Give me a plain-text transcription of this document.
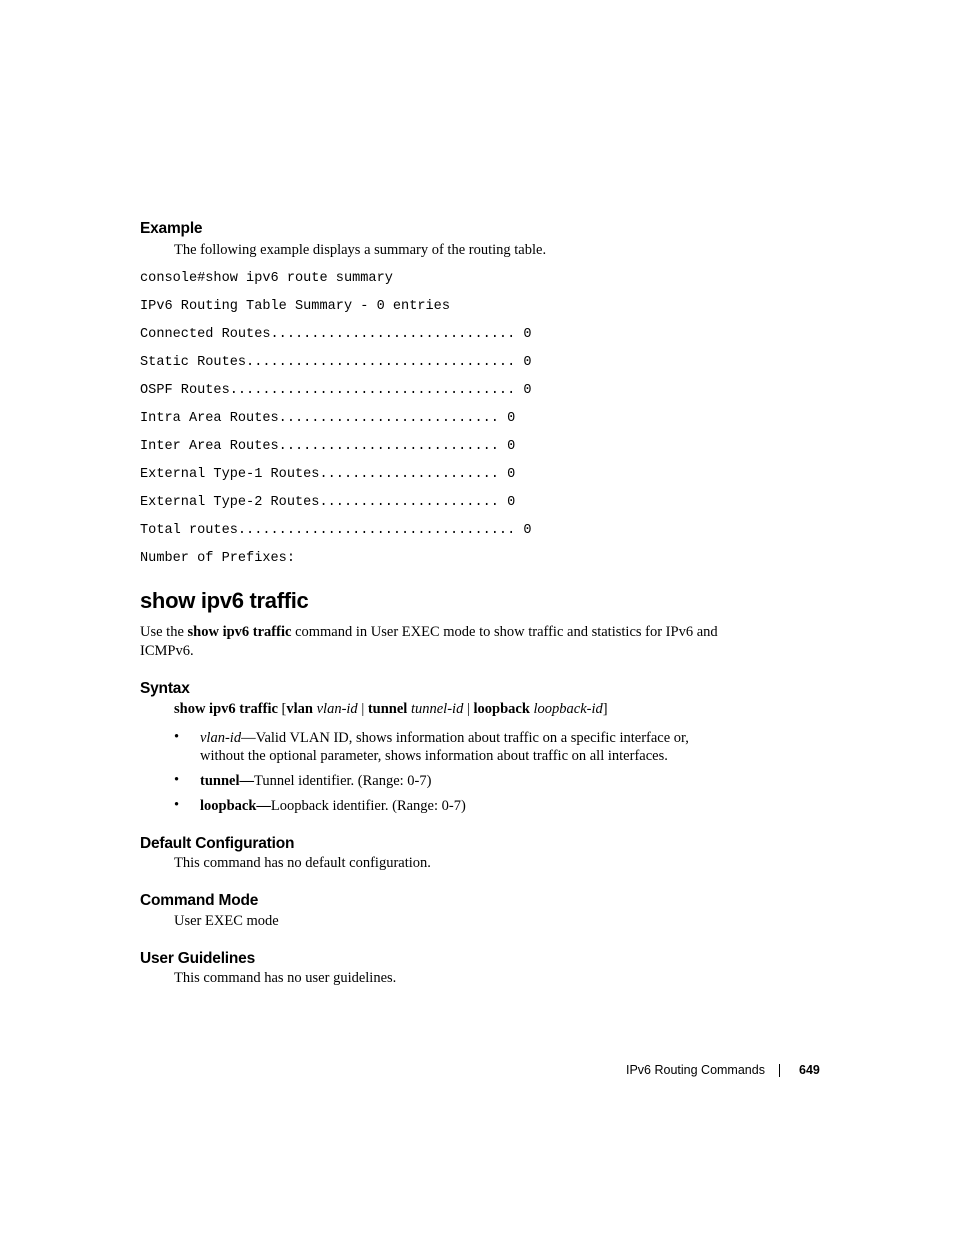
Example
The following example displays a summary of the routing table.
console#show ipv6 route summary
IPv6 Routing Table Summary - 0 entries
Connected Routes.............................. 0
Static Routes................................. 0
OSPF Routes................................... 0
Intra Area Routes........................... 0
Inter Area Routes........................... 0
External Type-1 Routes...................... 0
External Type-2 Routes...................... 0
Total routes.................................. 0
Number of Prefixes:
show ipv6 traffic
Use the show ipv6 traffic command in User EXEC mode to show traffic and statistics for IPv6 and
ICMPv6.
Syntax
show ipv6 traffic [vlan vlan-id | tunnel tunnel-id | loopback loopback-id]
• vlan-id—Valid VLAN ID, shows information about traffic on a specific interface or,
without the optional parameter, shows information about traffic on all interfaces.
• tunnel—Tunnel identifier. (Range: 0-7)
• loopback—Loopback identifier. (Range: 0-7)
Default Configuration
This command has no default configuration.
Command Mode
User EXEC mode
User Guidelines
This command has no user guidelines.
IPv6 Routing Commands	649
